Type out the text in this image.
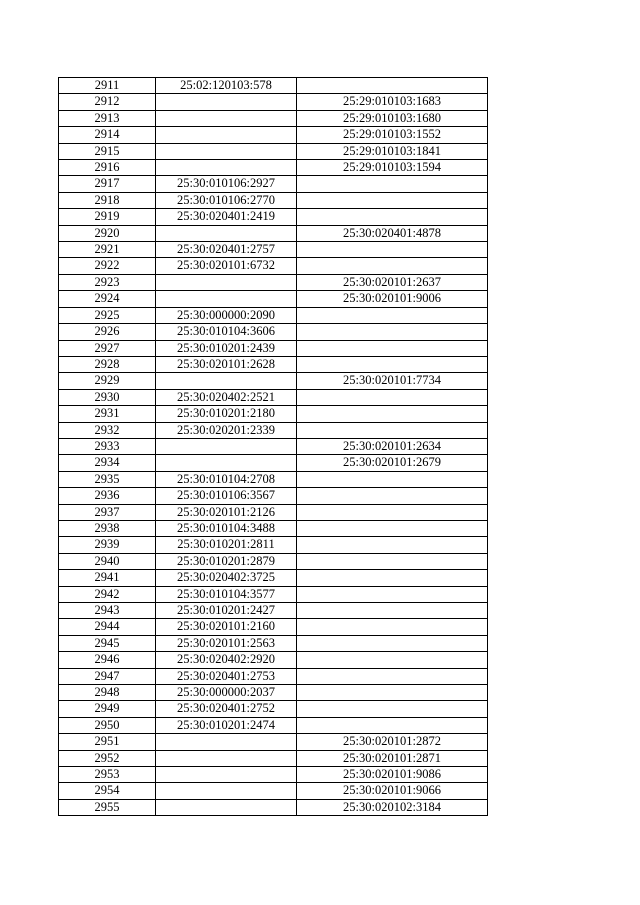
2911	25:02:120103:578	
2912		25:29:010103:1683
2913		25:29:010103:1680
2914		25:29:010103:1552
2915		25:29:010103:1841
2916		25:29:010103:1594
2917	25:30:010106:2927	
2918	25:30:010106:2770	
2919	25:30:020401:2419	
2920		25:30:020401:4878
2921	25:30:020401:2757	
2922	25:30:020101:6732	
2923		25:30:020101:2637
2924		25:30:020101:9006
2925	25:30:000000:2090	
2926	25:30:010104:3606	
2927	25:30:010201:2439	
2928	25:30:020101:2628	
2929		25:30:020101:7734
2930	25:30:020402:2521	
2931	25:30:010201:2180	
2932	25:30:020201:2339	
2933		25:30:020101:2634
2934		25:30:020101:2679
2935	25:30:010104:2708	
2936	25:30:010106:3567	
2937	25:30:020101:2126	
2938	25:30:010104:3488	
2939	25:30:010201:2811	
2940	25:30:010201:2879	
2941	25:30:020402:3725	
2942	25:30:010104:3577	
2943	25:30:010201:2427	
2944	25:30:020101:2160	
2945	25:30:020101:2563	
2946	25:30:020402:2920	
2947	25:30:020401:2753	
2948	25:30:000000:2037	
2949	25:30:020401:2752	
2950	25:30:010201:2474	
2951		25:30:020101:2872
2952		25:30:020101:2871
2953		25:30:020101:9086
2954		25:30:020101:9066
2955		25:30:020102:3184
